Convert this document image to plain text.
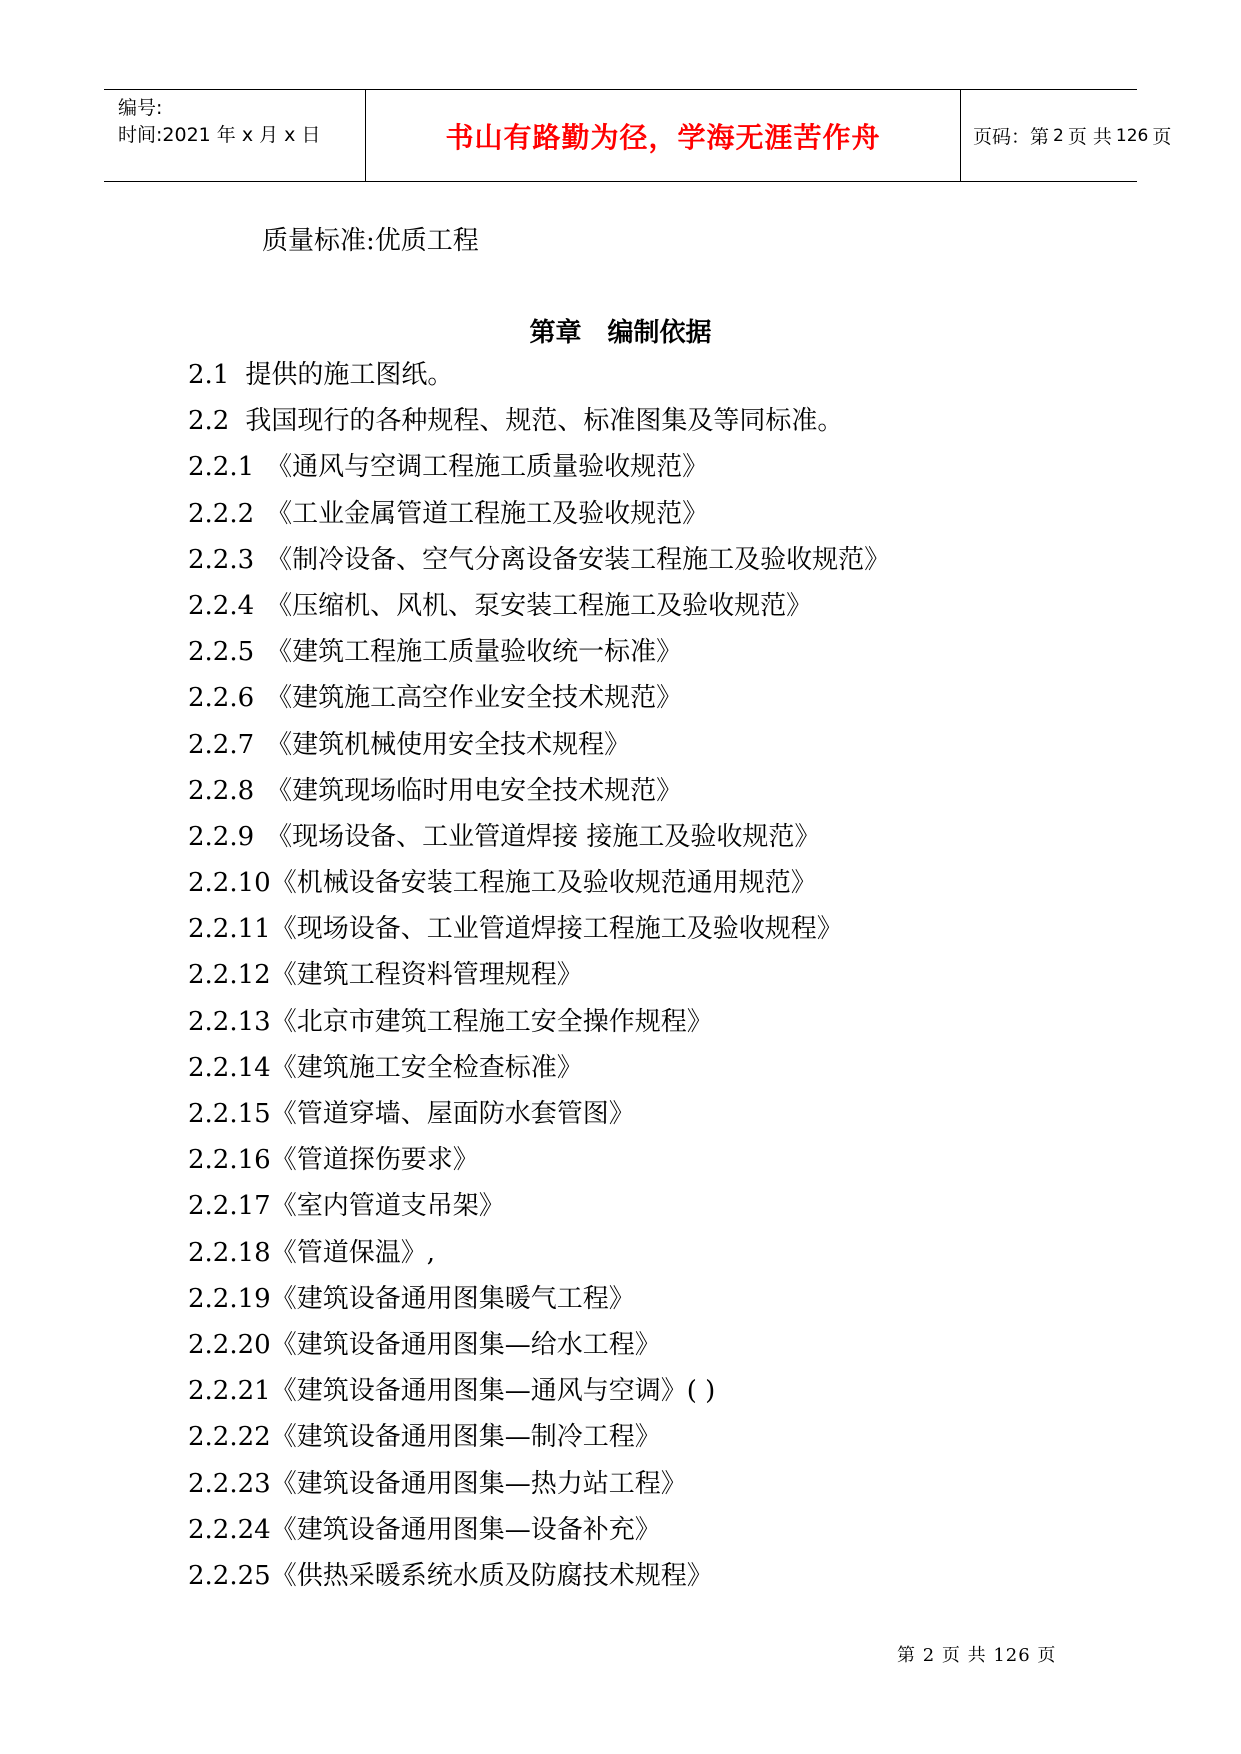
编号:
时间:2021 年 x 月 x 日	书山有路勤为径，学海无涯苦作舟	页码：第 2 页 共 126 页
质量标准:优质工程
第章　编制依据
2.1 提供的施工图纸。
2.2 我国现行的各种规程、规范、标准图集及等同标准。
2.2.1 《通风与空调工程施工质量验收规范》
2.2.2 《工业金属管道工程施工及验收规范》
2.2.3 《制冷设备、空气分离设备安装工程施工及验收规范》
2.2.4 《压缩机、风机、泵安装工程施工及验收规范》
2.2.5 《建筑工程施工质量验收统一标准》
2.2.6 《建筑施工高空作业安全技术规范》
2.2.7 《建筑机械使用安全技术规程》
2.2.8 《建筑现场临时用电安全技术规范》
2.2.9 《现场设备、工业管道焊接 接施工及验收规范》
2.2.10《机械设备安装工程施工及验收规范通用规范》
2.2.11《现场设备、工业管道焊接工程施工及验收规程》
2.2.12《建筑工程资料管理规程》
2.2.13《北京市建筑工程施工安全操作规程》
2.2.14《建筑施工安全检查标准》
2.2.15《管道穿墙、屋面防水套管图》
2.2.16《管道探伤要求》
2.2.17《室内管道支吊架》
2.2.18《管道保温》,
2.2.19《建筑设备通用图集暖气工程》
2.2.20《建筑设备通用图集—给水工程》
2.2.21《建筑设备通用图集—通风与空调》( )
2.2.22《建筑设备通用图集—制冷工程》
2.2.23《建筑设备通用图集—热力站工程》
2.2.24《建筑设备通用图集—设备补充》
2.2.25《供热采暖系统水质及防腐技术规程》
第 2 页 共 126 页
